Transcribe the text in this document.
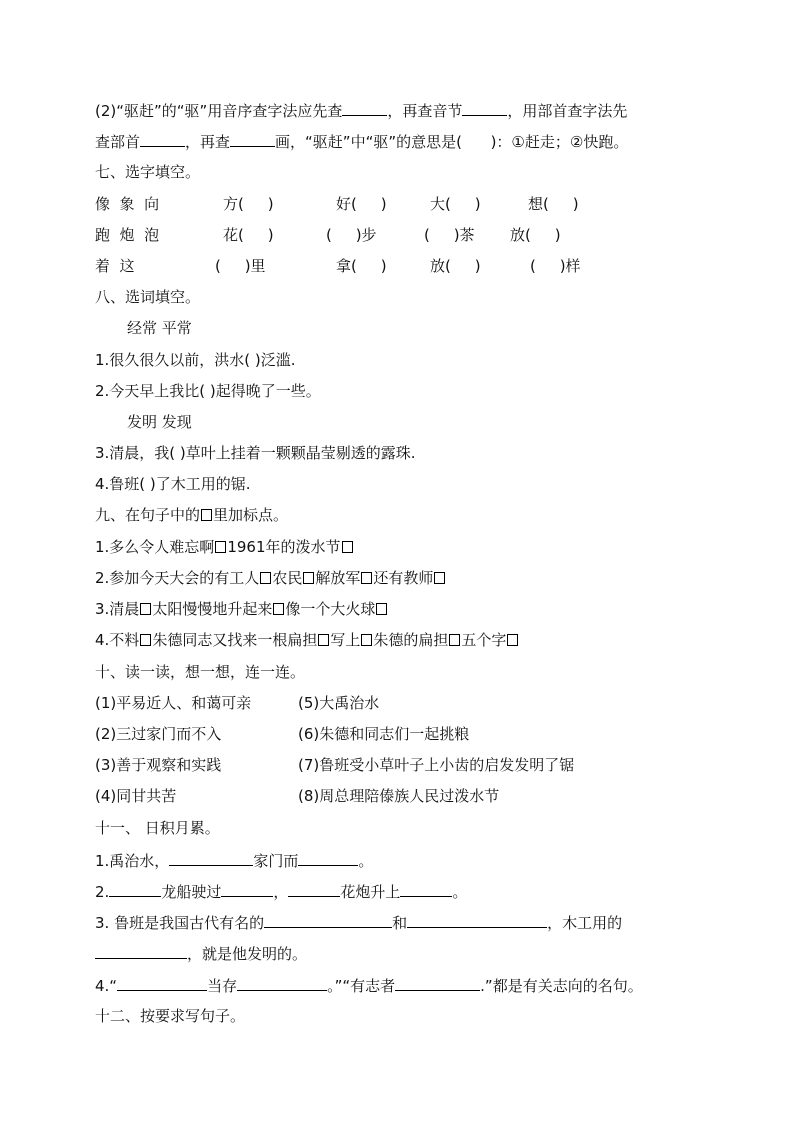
(2)“驱赶”的“驱”用音序查字法应先查	，再查音节	，用部首查字法先
查部首	，再查	画，“驱赶”中“驱”的意思是(      )：①赶走；②快跑。
七、选字填空。
像  象  向	方(     )	好(     )	大(     )	想(     )
跑  炮  泡	花(     )	(     )步	(     )茶 放(     )
着  这	(     )里	拿(     )	放(     )	(     )样
八、选词填空。
经常 平常
1.很久很久以前，洪水( )泛滥.
2.今天早上我比( )起得晚了一些。
发明 发现
3.清晨，我( )草叶上挂着一颗颗晶莹剔透的露珠.
4.鲁班( )了木工用的锯.
九、在句子中的 里加标点。
1.多么令人难忘啊 1961年的泼水节
2.参加今天大会的有工人 农民 解放军 还有教师
3.清晨 太阳慢慢地升起来 像一个大火球
4.不料 朱德同志又找来一根扁担 写上 朱德的扁担 五个字
十、读一读，想一想，连一连。
(1)平易近人、和蔼可亲	(5)大禹治水
(2)三过家门而不入	(6)朱德和同志们一起挑粮
(3)善于观察和实践	(7)鲁班受小草叶子上小齿的启发发明了锯
(4)同甘共苦	(8)周总理陪傣族人民过泼水节
十一、 日积月累。
1.禹治水，	家门而	。
2.	龙船驶过	，	花炮升上	。
3. 鲁班是我国古代有名的	和	，木工用的
，就是他发明的。
4.“	当存	。”“有志者	.”都是有关志向的名句。
十二、按要求写句子。
